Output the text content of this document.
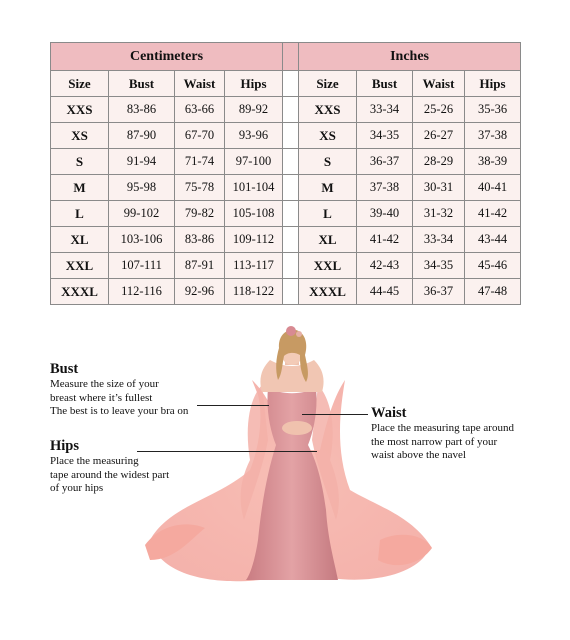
Centimeters					Inches			
Size	Bust	Waist	Hips		Size	Bust	Waist	Hips
XXS	83-86	63-66	89-92		XXS	33-34	25-26	35-36
XS	87-90	67-70	93-96		XS	34-35	26-27	37-38
S	91-94	71-74	97-100		S	36-37	28-29	38-39
M	95-98	75-78	101-104		M	37-38	30-31	40-41
L	99-102	79-82	105-108		L	39-40	31-32	41-42
XL	103-106	83-86	109-112		XL	41-42	33-34	43-44
XXL	107-111	87-91	113-117		XXL	42-43	34-35	45-46
XXXL	112-116	92-96	118-122		XXXL	44-45	36-37	47-48
Bust
Measure the size of your
breast where it’s fullest
The best is to leave your bra on
Hips
Place the measuring
tape around the widest part
of your hips
Waist
Place the measuring tape around
the most narrow part of your
waist above the navel
